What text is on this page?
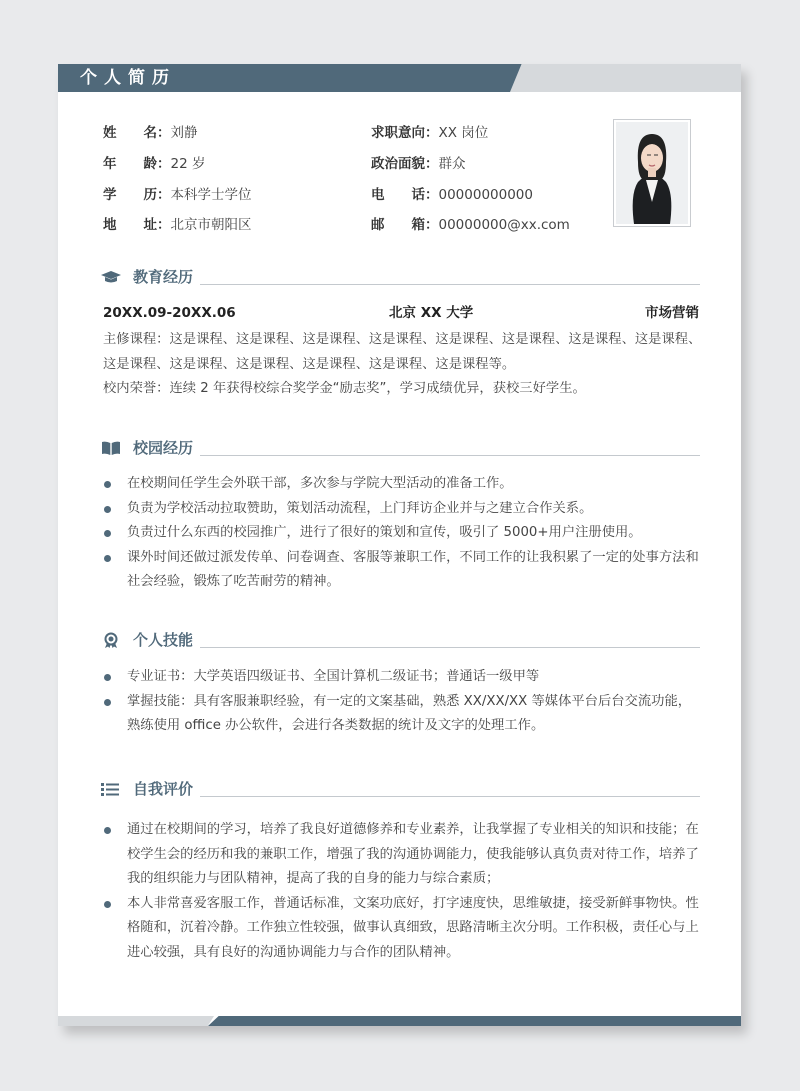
个人简历
姓　　名：刘静
年　　龄：22 岁
学　　历：本科学士学位
地　　址：北京市朝阳区
求职意向：XX 岗位
政治面貌：群众
电　　话：00000000000
邮　　箱：00000000@xx.com
教育经历
20XX.09-20XX.06	北京 XX 大学	市场营销
主修课程：这是课程、这是课程、这是课程、这是课程、这是课程、这是课程、这是课程、这是课程、
这是课程、这是课程、这是课程、这是课程、这是课程、这是课程等。
校内荣誉：连续 2 年获得校综合奖学金“励志奖”，学习成绩优异，获校三好学生。
校园经历
在校期间任学生会外联干部，多次参与学院大型活动的准备工作。
负责为学校活动拉取赞助，策划活动流程，上门拜访企业并与之建立合作关系。
负责过什么东西的校园推广，进行了很好的策划和宣传，吸引了 5000+用户注册使用。
课外时间还做过派发传单、问卷调查、客服等兼职工作，不同工作的让我积累了一定的处事方法和社会经验，锻炼了吃苦耐劳的精神。
个人技能
专业证书：大学英语四级证书、全国计算机二级证书；普通话一级甲等
掌握技能：具有客服兼职经验，有一定的文案基础，熟悉 XX/XX/XX 等媒体平台后台交流功能，熟练使用 office 办公软件，会进行各类数据的统计及文字的处理工作。
自我评价
通过在校期间的学习，培养了我良好道德修养和专业素养，让我掌握了专业相关的知识和技能；在校学生会的经历和我的兼职工作，增强了我的沟通协调能力，使我能够认真负责对待工作，培养了我的组织能力与团队精神，提高了我的自身的能力与综合素质；
本人非常喜爱客服工作，普通话标准，文案功底好，打字速度快，思维敏捷，接受新鲜事物快。性格随和，沉着冷静。工作独立性较强，做事认真细致，思路清晰主次分明。工作积极，责任心与上进心较强，具有良好的沟通协调能力与合作的团队精神。
